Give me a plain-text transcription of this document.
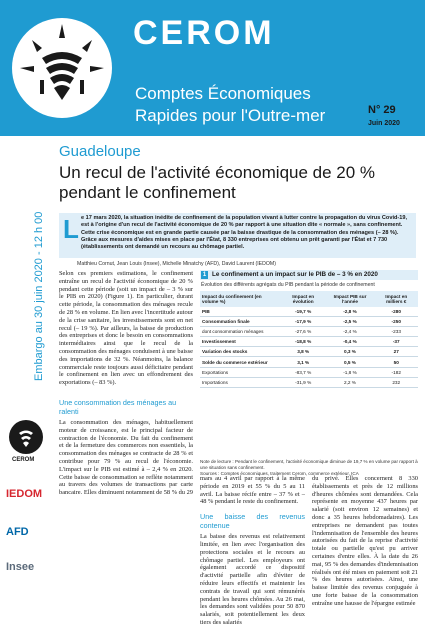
CEROM
Comptes Économiques
Rapides pour l'Outre-mer	N° 29
Juin 2020
Guadeloupe
Un recul de l'activité économique de 20 %
pendant le confinement
Embargo au 30 juin 2020 - 12 h 00
CEROM
IEDOM
AFD
Insee
L e 17 mars 2020, la situation inédite de confinement de la population vivant à lutter contre la propagation du virus Covid-19, est à l'origine d'un recul de l'activité économique de 20 % par rapport à une situation dite « normale », sans confinement. Cette crise économique est en grande partie causée par la baisse drastique de la consommation des ménages (– 28 %). Grâce aux mesures d'aides mises en place par l'État, 8 330 entreprises ont obtenu un prêt garanti par l'État et 7 730 (établissements ont demandé un recours au chômage partiel.
Matthieu Cornut, Jean Louis (Insee), Michelle Minatchy (AFD), David Laurent (IEDOM)
Selon ces premiers estimations, le confinement entraîne un recul de l'activité économique de 20 % pendant cette période (soit un impact de – 3 % sur le PIB en 2020) (Figure 1). En particulier, durant cette période, la consommation des ménages recule de 28 % en volume. En lien avec l'incertitude autour de la crise sanitaire, les investissements sont en net recul (– 19 %). Par ailleurs, la baisse de production des entreprises et donc le besoin en consommations intermédiaires ainsi que le recul de la consommation des ménages conduisent à une baisse des importations de 32 %. Néanmoins, la balance commerciale reste toujours aussi déficitaire pendant le confinement en lien avec un effondrement des exportations (– 83 %).
Une consommation des ménages au ralenti
La consommation des ménages, habituellement moteur de croissance, est le principal facteur de contraction de l'économie. Du fait du confinement et de la fermeture des commerces non essentiels, la consommation des ménages se contracte de 28 % et contribue pour 79 % au recul de l'économie. L'impact sur le PIB est estimé à – 2,4 % en 2020. Cette baisse de consommation se reflète notamment au travers des volumes de transactions par carte bancaire. Elles diminuent notamment de 58 % du 29
1 Le confinement a un impact sur le PIB de – 3 % en 2020
Évolution des différents agrégats du PIB pendant la période de confinement
Impact du confinement (en volume %)	Impact en évolution	Impact PIB sur l'année	Impact en milliers €
PIB	-19,7 %	-2,8 %	-280
Consommation finale	-17,9 %	-2,5 %	-250
dont consommation ménages	-27,6 %	-2,4 %	-233
Investissement	-18,8 %	-0,4 %	-37
Variation des stocks	3,8 %	0,3 %	27
Solde du commerce extérieur	3,1 %	0,5 %	50
Exportations	-83,7 %	-1,8 %	-182
Importations	-31,9 %	2,2 %	232
Note de lecture : Pendant le confinement, l'activité économique diminue de 19,7 % en volume par rapport à une situation sans confinement.
Sources : Comptes économiques, traitement Cerom, commerce extérieur, ICA
mars au 4 avril par rapport à la même période en 2019 et 55 % du 5 au 11 avril. La baisse récife entre – 37 % et – 48 % pendant le reste du confinement.
Une baisse des revenus contenue
La baisse des revenus est relativement limitée, en lien avec l'organisation des protections sociales et le recours au chômage partiel. Les employeurs ont également accordé ce dispositif d'activité partielle afin d'éviter de réduire leurs effectifs et maintenir les contrats de travail qui sont rémunérés pendant les heures chômées. Au 26 mai, les demandes sont validées pour 50 870 salariés, soit potentiellement les deux tiers des salariés
du privé. Elles concernent 8 330 établissements et près de 12 millions d'heures chômées sont demandées. Cela représente en moyenne 437 heures par salarié (soit environ 12 semaines) et donc a 35 heures hebdomadaires). Les entreprises ne demandent pas toutes l'indemnisation de l'ensemble des heures autorisées du fait de la reprise d'activité totale ou partielle qu'est pu arriver certaines d'entre elles. À la date du 26 mai, 95 % des demandes d'indemnisation réalisés ont été mises en paiement soit 21 % des heures autorisées. Ainsi, une baisse limitée des revenus conjuguée à une forte baisse de la consommation entraîne une hausse de l'épargne estimée
